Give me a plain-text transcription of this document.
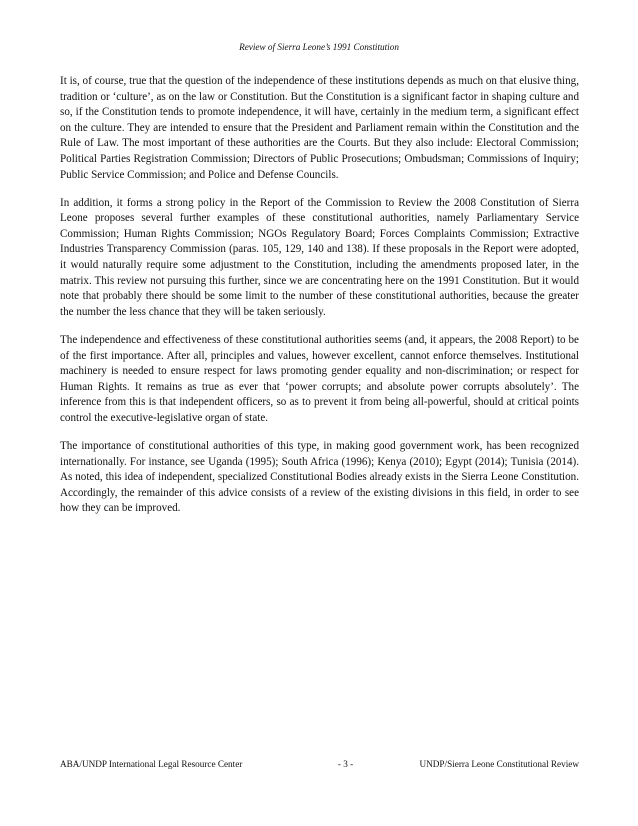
Review of Sierra Leone’s 1991 Constitution

It is, of course, true that the question of the independence of these institutions depends as much on that elusive thing, tradition or ‘culture’, as on the law or Constitution. But the Constitution is a significant factor in shaping culture and so, if the Constitution tends to promote independence, it will have, certainly in the medium term, a significant effect on the culture. They are intended to ensure that the President and Parliament remain within the Constitution and the Rule of Law. The most important of these authorities are the Courts. But they also include: Electoral Commission; Political Parties Registration Commission; Directors of Public Prosecutions; Ombudsman; Commissions of Inquiry; Public Service Commission; and Police and Defense Councils.

In addition, it forms a strong policy in the Report of the Commission to Review the 2008 Constitution of Sierra Leone proposes several further examples of these constitutional authorities, namely Parliamentary Service Commission; Human Rights Commission; NGOs Regulatory Board; Forces Complaints Commission; Extractive Industries Transparency Commission (paras. 105, 129, 140 and 138). If these proposals in the Report were adopted, it would naturally require some adjustment to the Constitution, including the amendments proposed later, in the matrix. This review not pursuing this further, since we are concentrating here on the 1991 Constitution. But it would note that probably there should be some limit to the number of these constitutional authorities, because the greater the number the less chance that they will be taken seriously.

The independence and effectiveness of these constitutional authorities seems (and, it appears, the 2008 Report) to be of the first importance. After all, principles and values, however excellent, cannot enforce themselves. Institutional machinery is needed to ensure respect for laws promoting gender equality and non-discrimination; or respect for Human Rights. It remains as true as ever that ‘power corrupts; and absolute power corrupts absolutely’. The inference from this is that independent officers, so as to prevent it from being all-powerful, should at critical points control the executive-legislative organ of state.

The importance of constitutional authorities of this type, in making good government work, has been recognized internationally. For instance, see Uganda (1995); South Africa (1996); Kenya (2010); Egypt (2014); Tunisia (2014). As noted, this idea of independent, specialized Constitutional Bodies already exists in the Sierra Leone Constitution. Accordingly, the remainder of this advice consists of a review of the existing divisions in this field, in order to see how they can be improved.

ABA/UNDP International Legal Resource Center	- 3 -	UNDP/Sierra Leone Constitutional Review
